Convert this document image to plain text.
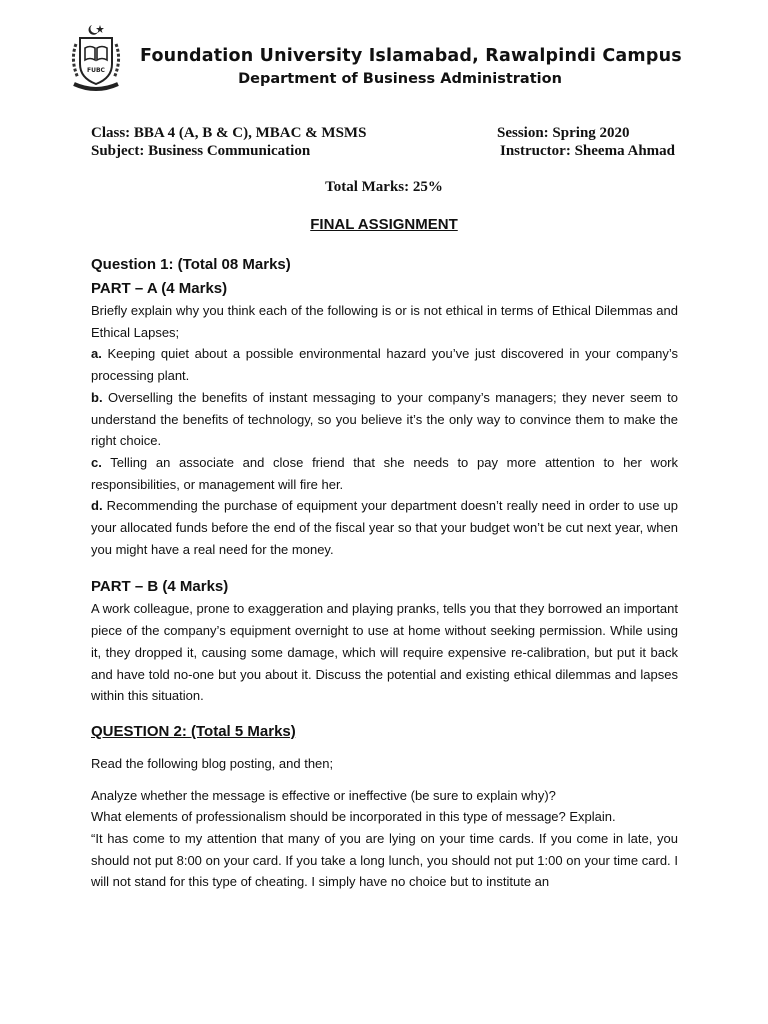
FUBC
Foundation University Islamabad, Rawalpindi Campus
Department of Business Administration
Class: BBA 4 (A, B & C), MBAC & MSMS
Subject: Business Communication
Session: Spring 2020
Instructor: Sheema Ahmad
Total Marks: 25%
FINAL ASSIGNMENT
Question 1: (Total 08 Marks)
PART – A (4 Marks)

Briefly explain why you think each of the following is or is not ethical in terms of Ethical Dilemmas and Ethical Lapses;

a. Keeping quiet about a possible environmental hazard you’ve just discovered in your company’s processing plant.

b. Overselling the benefits of instant messaging to your company’s managers; they never seem to understand the benefits of technology, so you believe it’s the only way to convince them to make the right choice.

c. Telling an associate and close friend that she needs to pay more attention to her work responsibilities, or management will fire her.

d. Recommending the purchase of equipment your department doesn’t really need in order to use up your allocated funds before the end of the fiscal year so that your budget won’t be cut next year, when you might have a real need for the money.

PART – B (4 Marks)

A work colleague, prone to exaggeration and playing pranks, tells you that they borrowed an important piece of the company’s equipment overnight to use at home without seeking permission. While using it, they dropped it, causing some damage, which will require expensive re-calibration, but put it back and have told no-one but you about it. Discuss the potential and existing ethical dilemmas and lapses within this situation.

QUESTION 2: (Total 5 Marks)

Read the following blog posting, and then;

Analyze whether the message is effective or ineffective (be sure to explain why)?

What elements of professionalism should be incorporated in this type of message? Explain.

“It has come to my attention that many of you are lying on your time cards. If you come in late, you should not put 8:00 on your card. If you take a long lunch, you should not put 1:00 on your time card. I will not stand for this type of cheating. I simply have no choice but to institute an
